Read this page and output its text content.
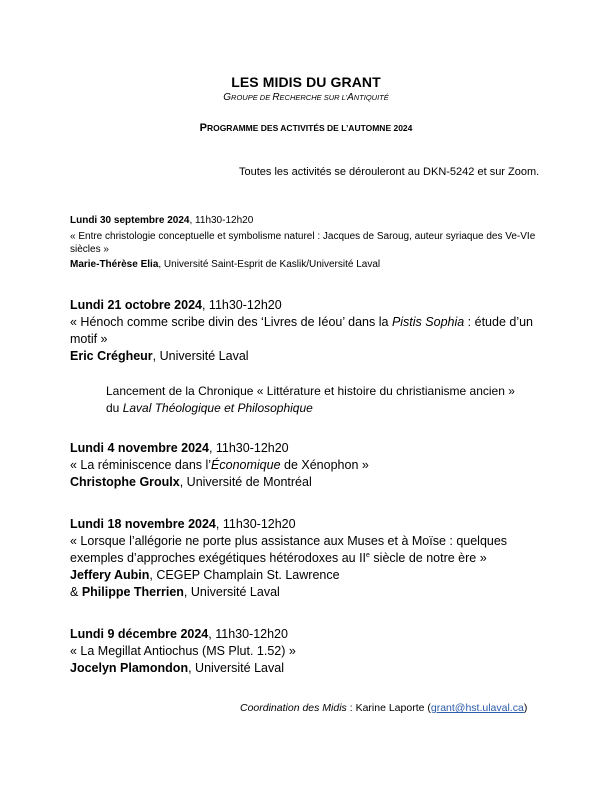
LES MIDIS DU GRANT
GROUPE DE RECHERCHE SUR L’ANTIQUITÉ
PROGRAMME DES ACTIVITÉS DE L’AUTOMNE 2024
Toutes les activités se dérouleront au DKN-5242 et sur Zoom.
Lundi 30 septembre 2024, 11h30-12h20
« Entre christologie conceptuelle et symbolisme naturel : Jacques de Saroug, auteur syriaque des Ve-VIe siècles »
Marie-Thérèse Elia, Université Saint-Esprit de Kaslik/Université Laval
Lundi 21 octobre 2024, 11h30-12h20
« Hénoch comme scribe divin des ‘Livres de Iéou’ dans la Pistis Sophia : étude d’un
motif »
Eric Crégheur, Université Laval
Lancement de la Chronique « Littérature et histoire du christianisme ancien »
du Laval Théologique et Philosophique
Lundi 4 novembre 2024, 11h30-12h20
« La réminiscence dans l’Économique de Xénophon »
Christophe Groulx, Université de Montréal
Lundi 18 novembre 2024, 11h30-12h20
« Lorsque l’allégorie ne porte plus assistance aux Muses et à Moïse : quelques
exemples d’approches exégétiques hétérodoxes au IIe siècle de notre ère »
Jeffery Aubin, CEGEP Champlain St. Lawrence
& Philippe Therrien, Université Laval
Lundi 9 décembre 2024, 11h30-12h20
« La Megillat Antiochus (MS Plut. 1.52) »
Jocelyn Plamondon, Université Laval
Coordination des Midis : Karine Laporte (grant@hst.ulaval.ca)
